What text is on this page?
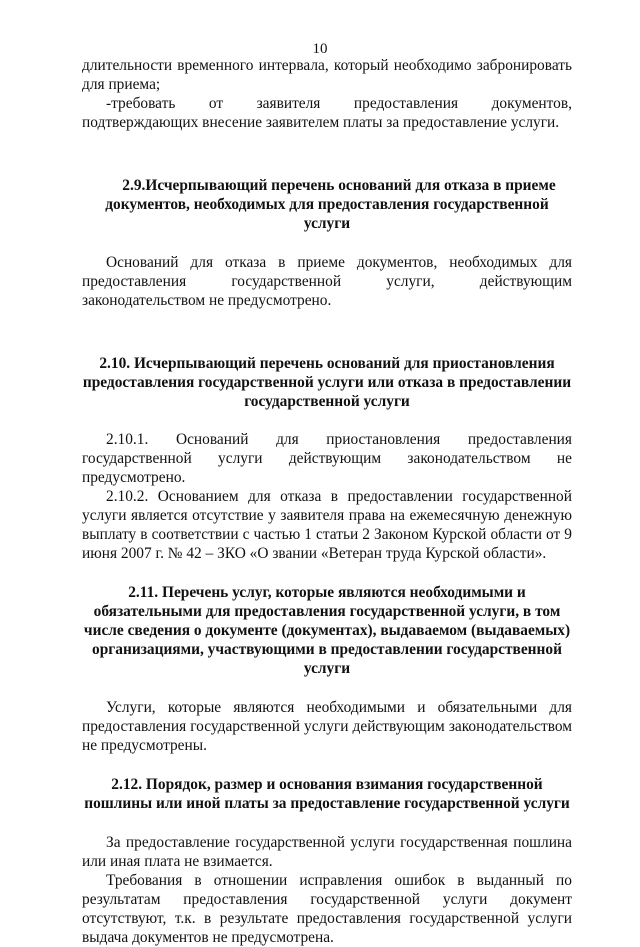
10

длительности временного интервала, который необходимо забронировать для приема;

-требовать от заявителя предоставления документов, подтверждающих внесение заявителем платы за предоставление услуги.

2.9.Исчерпывающий перечень оснований для отказа в приеме документов, необходимых для предоставления государственной услуги

Оснований для отказа в приеме документов, необходимых для предоставления государственной услуги, действующим законодательством не предусмотрено.

2.10. Исчерпывающий перечень оснований для приостановления предоставления государственной услуги или отказа в предоставлении государственной услуги

2.10.1. Оснований для приостановления предоставления государственной услуги действующим законодательством не предусмотрено.

2.10.2. Основанием для отказа в предоставлении государственной услуги является отсутствие у заявителя права на ежемесячную денежную выплату в соответствии с частью 1 статьи 2 Законом Курской области от 9 июня 2007 г. № 42 – ЗКО «О звании «Ветеран труда Курской области».

2.11. Перечень услуг, которые являются необходимыми и обязательными для предоставления государственной услуги, в том числе сведения о документе (документах), выдаваемом (выдаваемых) организациями, участвующими в предоставлении государственной услуги

Услуги, которые являются необходимыми и обязательными для предоставления государственной услуги действующим законодательством не предусмотрены.

2.12. Порядок, размер и основания взимания государственной пошлины или иной платы за предоставление государственной услуги

За предоставление государственной услуги государственная пошлина или иная плата не взимается.

Требования в отношении исправления ошибок в выданный по результатам предоставления государственной услуги документ отсутствуют, т.к. в результате предоставления государственной услуги выдача документов не предусмотрена.
